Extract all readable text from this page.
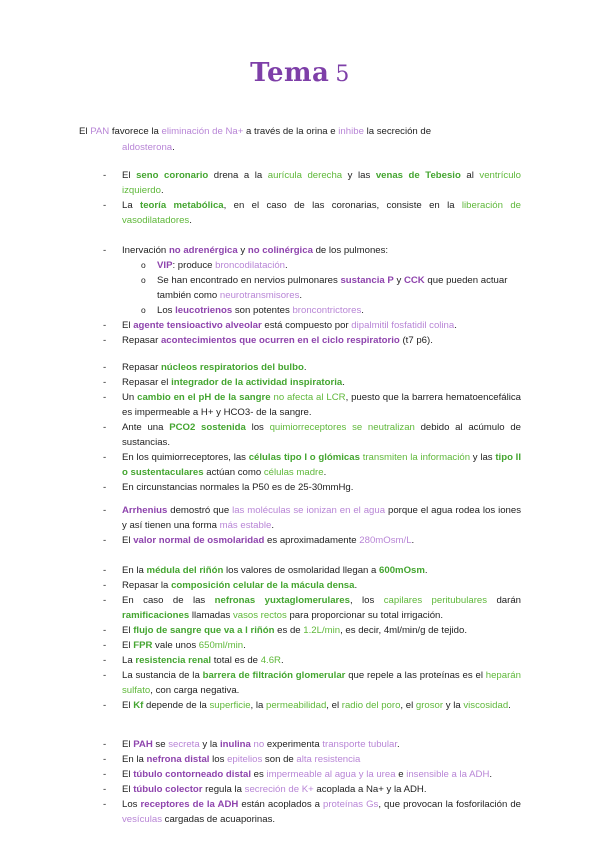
Tema 5
El PAN favorece la eliminación de Na+ a través de la orina e inhibe la secreción de
aldosterona.
- El seno coronario drena a la aurícula derecha y las venas de Tebesio al ventrículo izquierdo.
- La teoría metabólica, en el caso de las coronarias, consiste en la liberación de vasodilatadores.
- Inervación no adrenérgica y no colinérgica de los pulmones:
o VIP: produce broncodilatación.
o Se han encontrado en nervios pulmonares sustancia P y CCK que pueden actuar también como neurotransmisores.
o Los leucotrienos son potentes broncontrictores.
- El agente tensioactivo alveolar está compuesto por dipalmitil fosfatidil colina.
- Repasar acontecimientos que ocurren en el ciclo respiratorio (t7 p6).
- Repasar núcleos respiratorios del bulbo.
- Repasar el integrador de la actividad inspiratoria.
- Un cambio en el pH de la sangre no afecta al LCR, puesto que la barrera hematoencefálica es impermeable a H+ y HCO3- de la sangre.
- Ante una PCO2 sostenida los quimiorreceptores se neutralizan debido al acúmulo de sustancias.
- En los quimiorreceptores, las células tipo I o glómicas transmiten la información y las tipo II o sustentaculares actúan como células madre.
- En circunstancias normales la P50 es de 25-30mmHg.
- Arrhenius demostró que las moléculas se ionizan en el agua porque el agua rodea los iones y así tienen una forma más estable.
- El valor normal de osmolaridad es aproximadamente 280mOsm/L.
- En la médula del riñón los valores de osmolaridad llegan a 600mOsm.
- Repasar la composición celular de la mácula densa.
- En caso de las nefronas yuxtaglomerulares, los capilares peritubulares darán ramificaciones llamadas vasos rectos para proporcionar su total irrigación.
- El flujo de sangre que va a l riñón es de 1.2L/min, es decir, 4ml/min/g de tejido.
- El FPR vale unos 650ml/min.
- La resistencia renal total es de 4.6R.
- La sustancia de la barrera de filtración glomerular que repele a las proteínas es el heparán sulfato, con carga negativa.
- El Kf depende de la superficie, la permeabilidad, el radio del poro, el grosor y la viscosidad.
- El PAH se secreta y la inulina no experimenta transporte tubular.
- En la nefrona distal los epitelios son de alta resistencia
- El túbulo contorneado distal es impermeable al agua y la urea e insensible a la ADH.
- El túbulo colector regula la secreción de K+ acoplada a Na+ y la ADH.
- Los receptores de la ADH están acoplados a proteínas Gs, que provocan la fosforilación de vesículas cargadas de acuaporinas.
